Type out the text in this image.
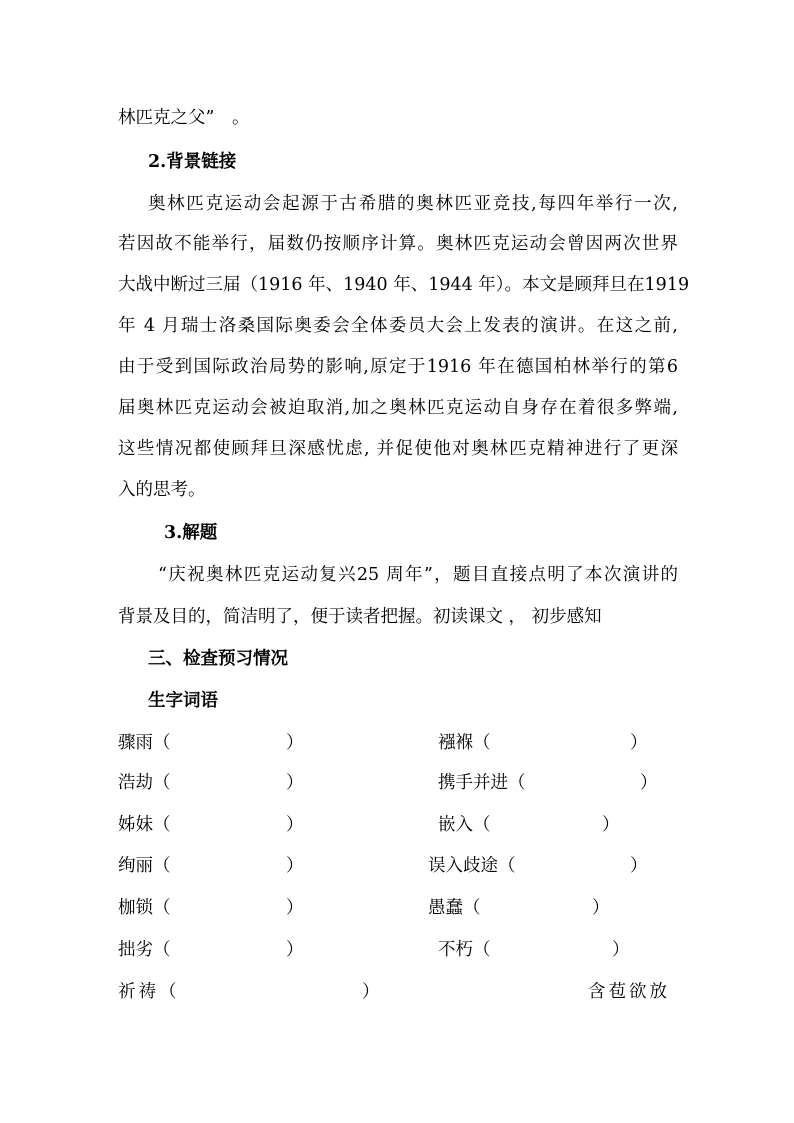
林匹克之父”　。
2.背景链接
奥林匹克运动会起源于古希腊的奥林匹亚竞技,每四年举行一次,
若因故不能举行，届数仍按顺序计算。奥林匹克运动会曾因两次世界
大战中断过三届（1916 年、1940 年、1944 年）。本文是顾拜旦在1919
年 4 月瑞士洛桑国际奥委会全体委员大会上发表的演讲。在这之前,
由于受到国际政治局势的影响,原定于1916 年在德国柏林举行的第6
届奥林匹克运动会被迫取消,加之奥林匹克运动自身存在着很多弊端,
这些情况都使顾拜旦深感忧虑, 并促使他对奥林匹克精神进行了更深
入的思考。
3.解题
“庆祝奥林匹克运动复兴25 周年”，题目直接点明了本次演讲的
背景及目的，简洁明了，便于读者把握。初读课文 ， 初步感知
三、检查预习情况
生字词语
骤雨（	）	襁褓（	）
浩劫（	）	携手并进（	）
姊妹（	）	嵌入（	）
绚丽（	）	误入歧途（	）
枷锁（	）	愚蠢（	）
拙劣（	）	不朽（	）
祈祷（	）	含苞欲放
